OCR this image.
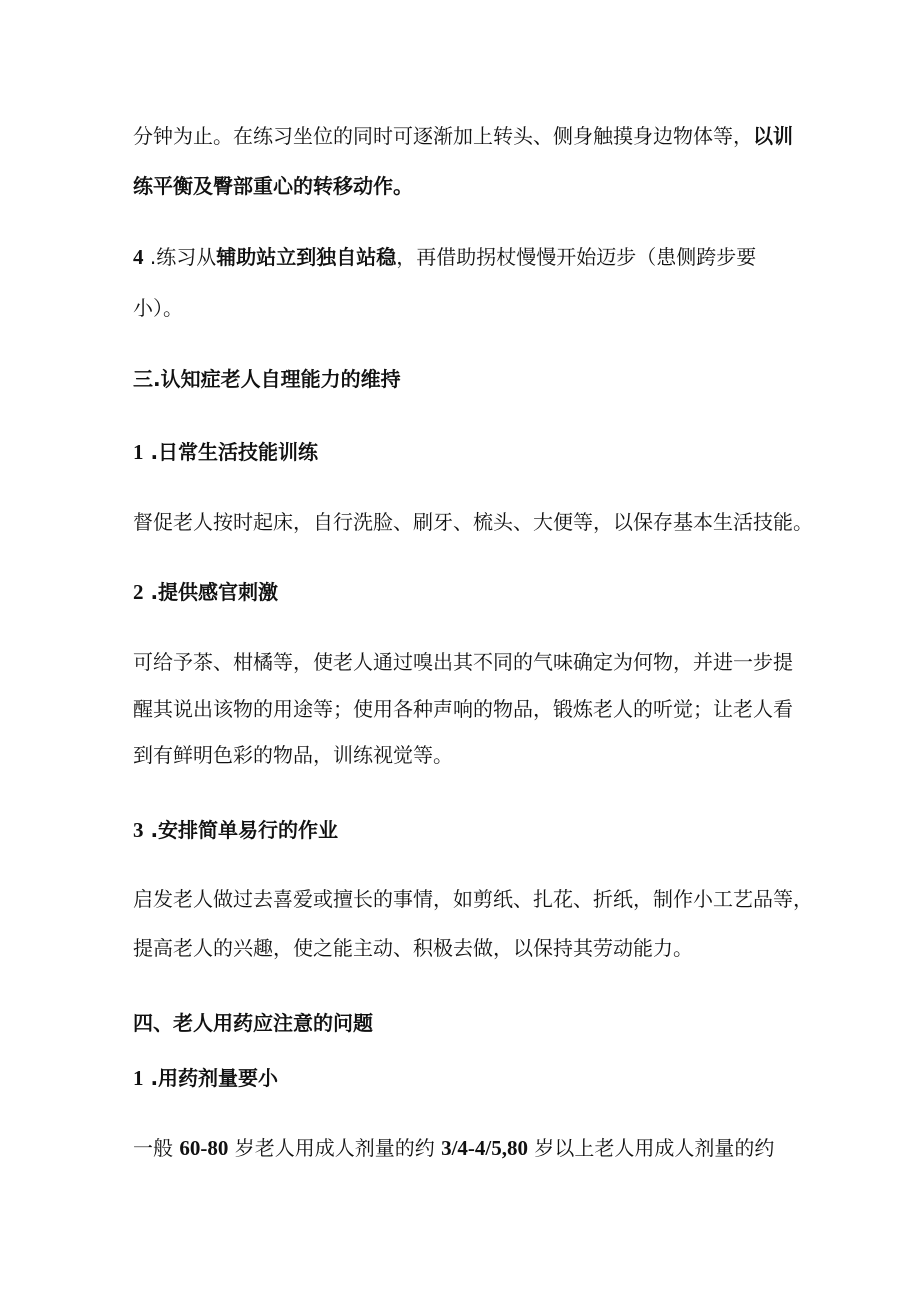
分钟为止。在练习坐位的同时可逐渐加上转头、侧身触摸身边物体等，以训
练平衡及臀部重心的转移动作。
4 .练习从辅助站立到独自站稳，再借助拐杖慢慢开始迈步（患侧跨步要
小）。
三.认知症老人自理能力的维持
1 .日常生活技能训练
督促老人按时起床，自行洗脸、刷牙、梳头、大便等，以保存基本生活技能。
2 .提供感官刺激
可给予茶、柑橘等，使老人通过嗅出其不同的气味确定为何物，并进一步提
醒其说出该物的用途等；使用各种声响的物品，锻炼老人的听觉；让老人看
到有鲜明色彩的物品，训练视觉等。
3 .安排简单易行的作业
启发老人做过去喜爱或擅长的事情，如剪纸、扎花、折纸，制作小工艺品等，
提高老人的兴趣，使之能主动、积极去做，以保持其劳动能力。
四、老人用药应注意的问题
1 .用药剂量要小
一般 60-80 岁老人用成人剂量的约 3/4-4/5,80 岁以上老人用成人剂量的约
